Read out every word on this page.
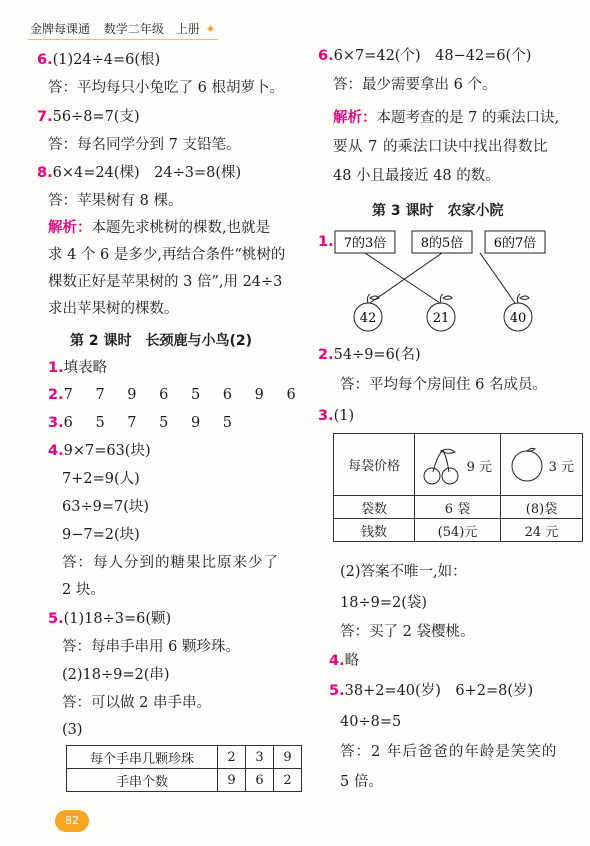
金牌每课通 数学二年级 上册 ✦
6.(1)24÷4=6(根)
答：平均每只小兔吃了 6 根胡萝卜。
7.56÷8=7(支)
答：每名同学分到 7 支铅笔。
8.6×4=24(棵)　24÷3=8(棵)
答：苹果树有 8 棵。
解析：本题先求桃树的棵数,也就是
求 4 个 6 是多少,再结合条件“桃树的
棵数正好是苹果树的 3 倍”,用 24÷3
求出苹果树的棵数。
第 2 课时　长颈鹿与小鸟(2)
1.填表略
2.7 7 9 6 5 6 9 6
3.6 5 7 5 9 5
4.9×7=63(块)
7+2=9(人)
63÷9=7(块)
9−7=2(块)
答：每人分到的糖果比原来少了
2 块。
5.(1)18÷3=6(颗)
答：每串手串用 6 颗珍珠。
(2)18÷9=2(串)
答：可以做 2 串手串。
(3)
每个手串几颗珍珠	2	3	9
手串个数	9	6	2
82
6.6×7=42(个)　48−42=6(个)
答：最少需要拿出 6 个。
解析：本题考查的是 7 的乘法口诀,
要从 7 的乘法口诀中找出得数比
48 小且最接近 48 的数。
第 3 课时　农家小院
1. 7的3倍	8的5倍 6的7倍
42	21	40
2.54÷9=6(名)
答：平均每个房间住 6 名成员。
3.(1)
每袋价格	9 元	3 元

袋数	6 袋	(8)袋
钱数	(54)元	24 元
(2)答案不唯一,如：
18÷9=2(袋)
答：买了 2 袋樱桃。
4.略
5.38+2=40(岁)　6+2=8(岁)
40÷8=5
答：2 年后爸爸的年龄是笑笑的
5 倍。
